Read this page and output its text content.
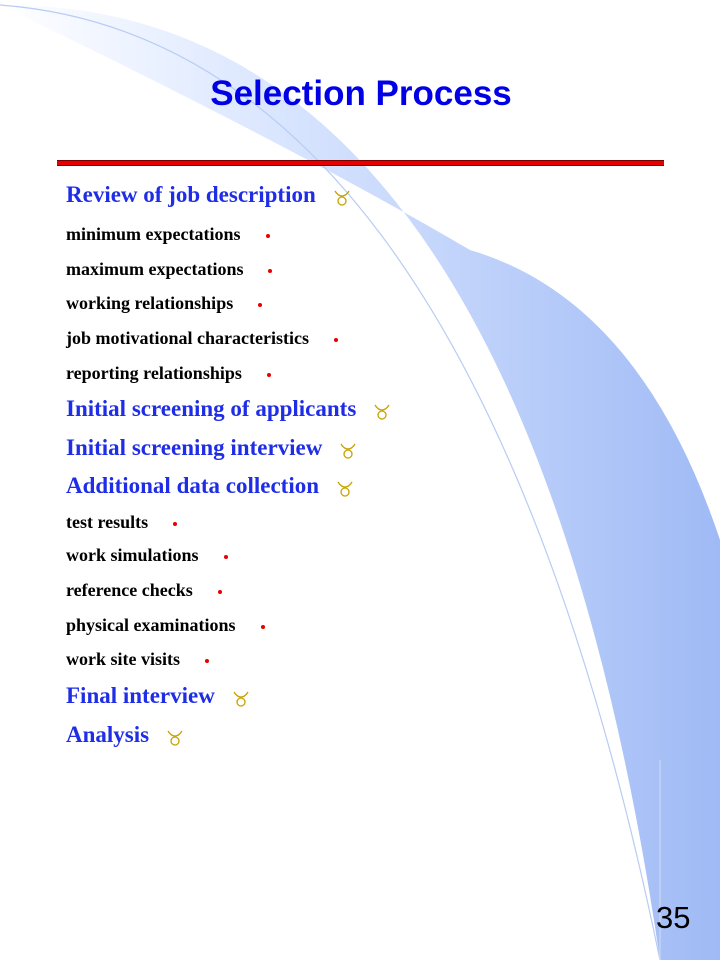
Selection Process
Review of job description
minimum expectations
maximum expectations
working relationships
job motivational characteristics
reporting relationships
Initial screening of applicants
Initial screening interview
Additional data collection
test results
work simulations
reference checks
physical examinations
work site visits
Final interview
Analysis
35
